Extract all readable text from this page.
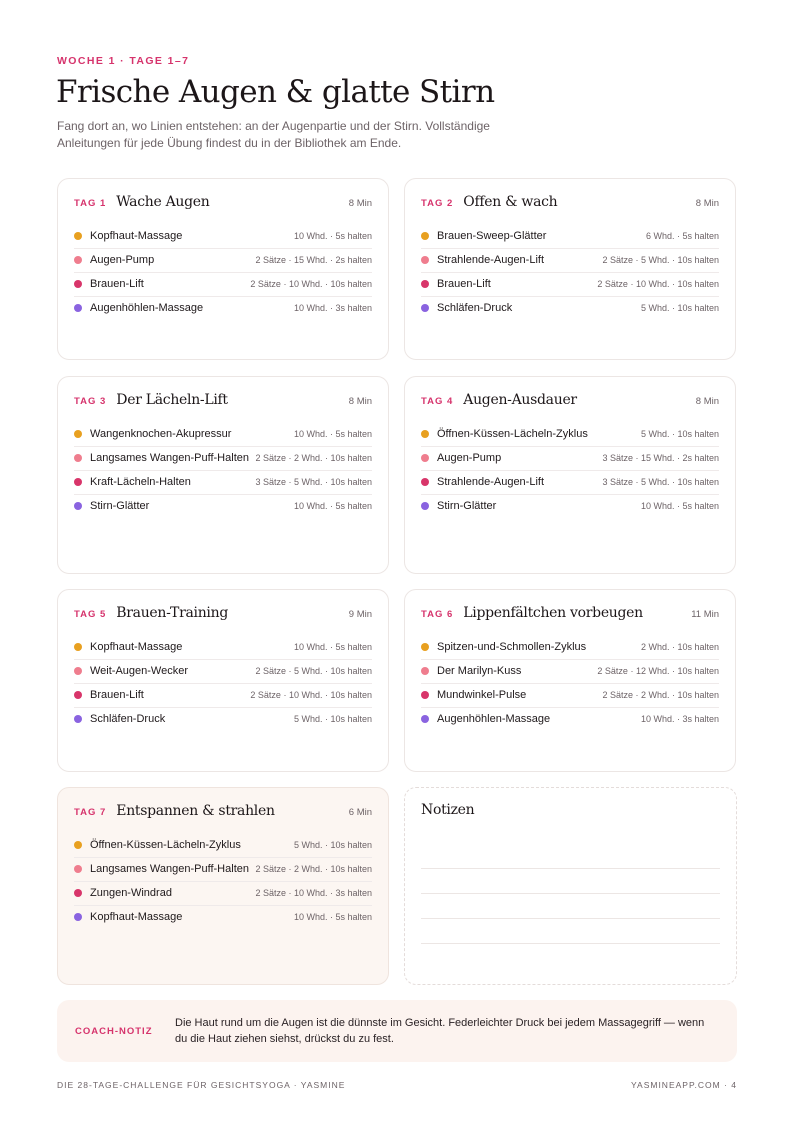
WOCHE 1 · TAGE 1–7
Frische Augen & glatte Stirn

Fang dort an, wo Linien entstehen: an der Augenpartie und der Stirn. Vollständige Anleitungen für jede Übung findest du in der Bibliothek am Ende.

TAG 1 Wache Augen	8 Min
Kopfhaut-Massage	10 Whd. · 5s halten
Augen-Pump	2 Sätze · 15 Whd. · 2s halten
Brauen-Lift	2 Sätze · 10 Whd. · 10s halten
Augenhöhlen-Massage	10 Whd. · 3s halten
TAG 2 Offen & wach	8 Min
Brauen-Sweep-Glätter	6 Whd. · 5s halten
Strahlende-Augen-Lift	2 Sätze · 5 Whd. · 10s halten
Brauen-Lift	2 Sätze · 10 Whd. · 10s halten
Schläfen-Druck	5 Whd. · 10s halten
TAG 3 Der Lächeln-Lift	8 Min
Wangenknochen-Akupressur	10 Whd. · 5s halten
Langsames Wangen-Puff-Halten 2 Sätze · 2 Whd. · 10s halten
Kraft-Lächeln-Halten	3 Sätze · 5 Whd. · 10s halten
Stirn-Glätter	10 Whd. · 5s halten
TAG 4 Augen-Ausdauer	8 Min
Öffnen-Küssen-Lächeln-Zyklus	5 Whd. · 10s halten
Augen-Pump	3 Sätze · 15 Whd. · 2s halten
Strahlende-Augen-Lift	3 Sätze · 5 Whd. · 10s halten
Stirn-Glätter	10 Whd. · 5s halten
TAG 5 Brauen-Training	9 Min
Kopfhaut-Massage	10 Whd. · 5s halten
Weit-Augen-Wecker	2 Sätze · 5 Whd. · 10s halten
Brauen-Lift	2 Sätze · 10 Whd. · 10s halten
Schläfen-Druck	5 Whd. · 10s halten
TAG 6 Lippenfältchen vorbeugen	11 Min
Spitzen-und-Schmollen-Zyklus	2 Whd. · 10s halten
Der Marilyn-Kuss	2 Sätze · 12 Whd. · 10s halten
Mundwinkel-Pulse	2 Sätze · 2 Whd. · 10s halten
Augenhöhlen-Massage	10 Whd. · 3s halten
TAG 7 Entspannen & strahlen	6 Min
Öffnen-Küssen-Lächeln-Zyklus	5 Whd. · 10s halten
Langsames Wangen-Puff-Halten 2 Sätze · 2 Whd. · 10s halten
Zungen-Windrad	2 Sätze · 10 Whd. · 3s halten
Kopfhaut-Massage	10 Whd. · 5s halten
Notizen
COACH-NOTIZ
Die Haut rund um die Augen ist die dünnste im Gesicht. Federleichter Druck bei jedem Massagegriff — wenn du die Haut ziehen siehst, drückst du zu fest.
DIE 28-TAGE-CHALLENGE FÜR GESICHTSYOGA · YASMINE	YASMINEAPP.COM · 4
